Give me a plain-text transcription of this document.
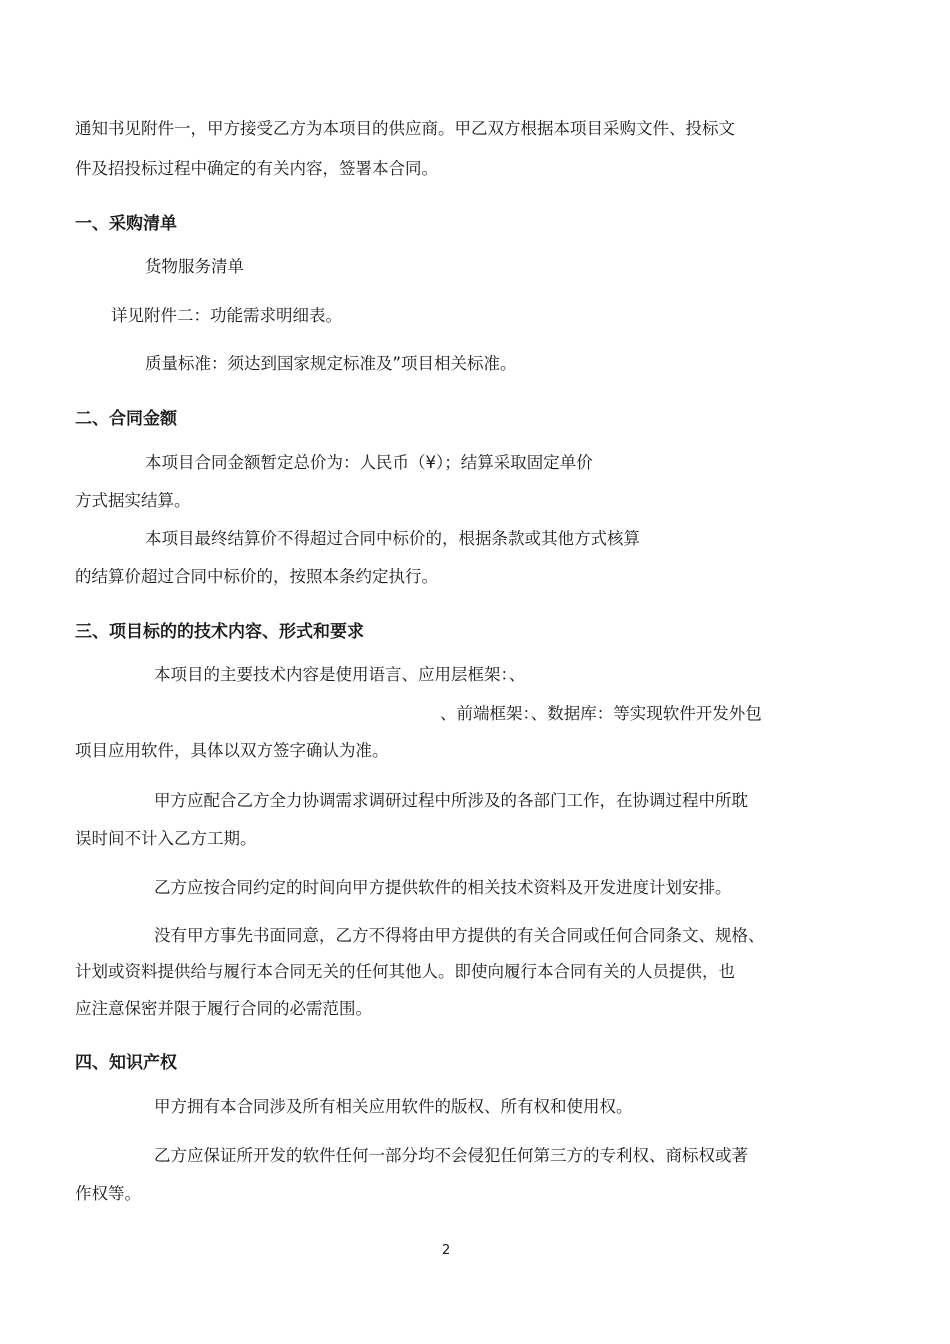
通知书见附件一，甲方接受乙方为本项目的供应商。甲乙双方根据本项目采购文件、投标文
件及招投标过程中确定的有关内容，签署本合同。
一、采购清单
货物服务清单
详见附件二：功能需求明细表。
质量标准：须达到国家规定标准及”项目相关标准。
二、合同金额
本项目合同金额暂定总价为：人民币（¥）；结算采取固定单价
方式据实结算。
本项目最终结算价不得超过合同中标价的，根据条款或其他方式核算
的结算价超过合同中标价的，按照本条约定执行。
三、项目标的的技术内容、形式和要求
本项目的主要技术内容是使用语言、应用层框架：、
、前端框架：、数据库：等实现软件开发外包
项目应用软件，具体以双方签字确认为准。
甲方应配合乙方全力协调需求调研过程中所涉及的各部门工作，在协调过程中所耽
误时间不计入乙方工期。
乙方应按合同约定的时间向甲方提供软件的相关技术资料及开发进度计划安排。
没有甲方事先书面同意，乙方不得将由甲方提供的有关合同或任何合同条文、规格、
计划或资料提供给与履行本合同无关的任何其他人。即使向履行本合同有关的人员提供，也
应注意保密并限于履行合同的必需范围。
四、知识产权
甲方拥有本合同涉及所有相关应用软件的版权、所有权和使用权。
乙方应保证所开发的软件任何一部分均不会侵犯任何第三方的专利权、商标权或著
作权等。
2
